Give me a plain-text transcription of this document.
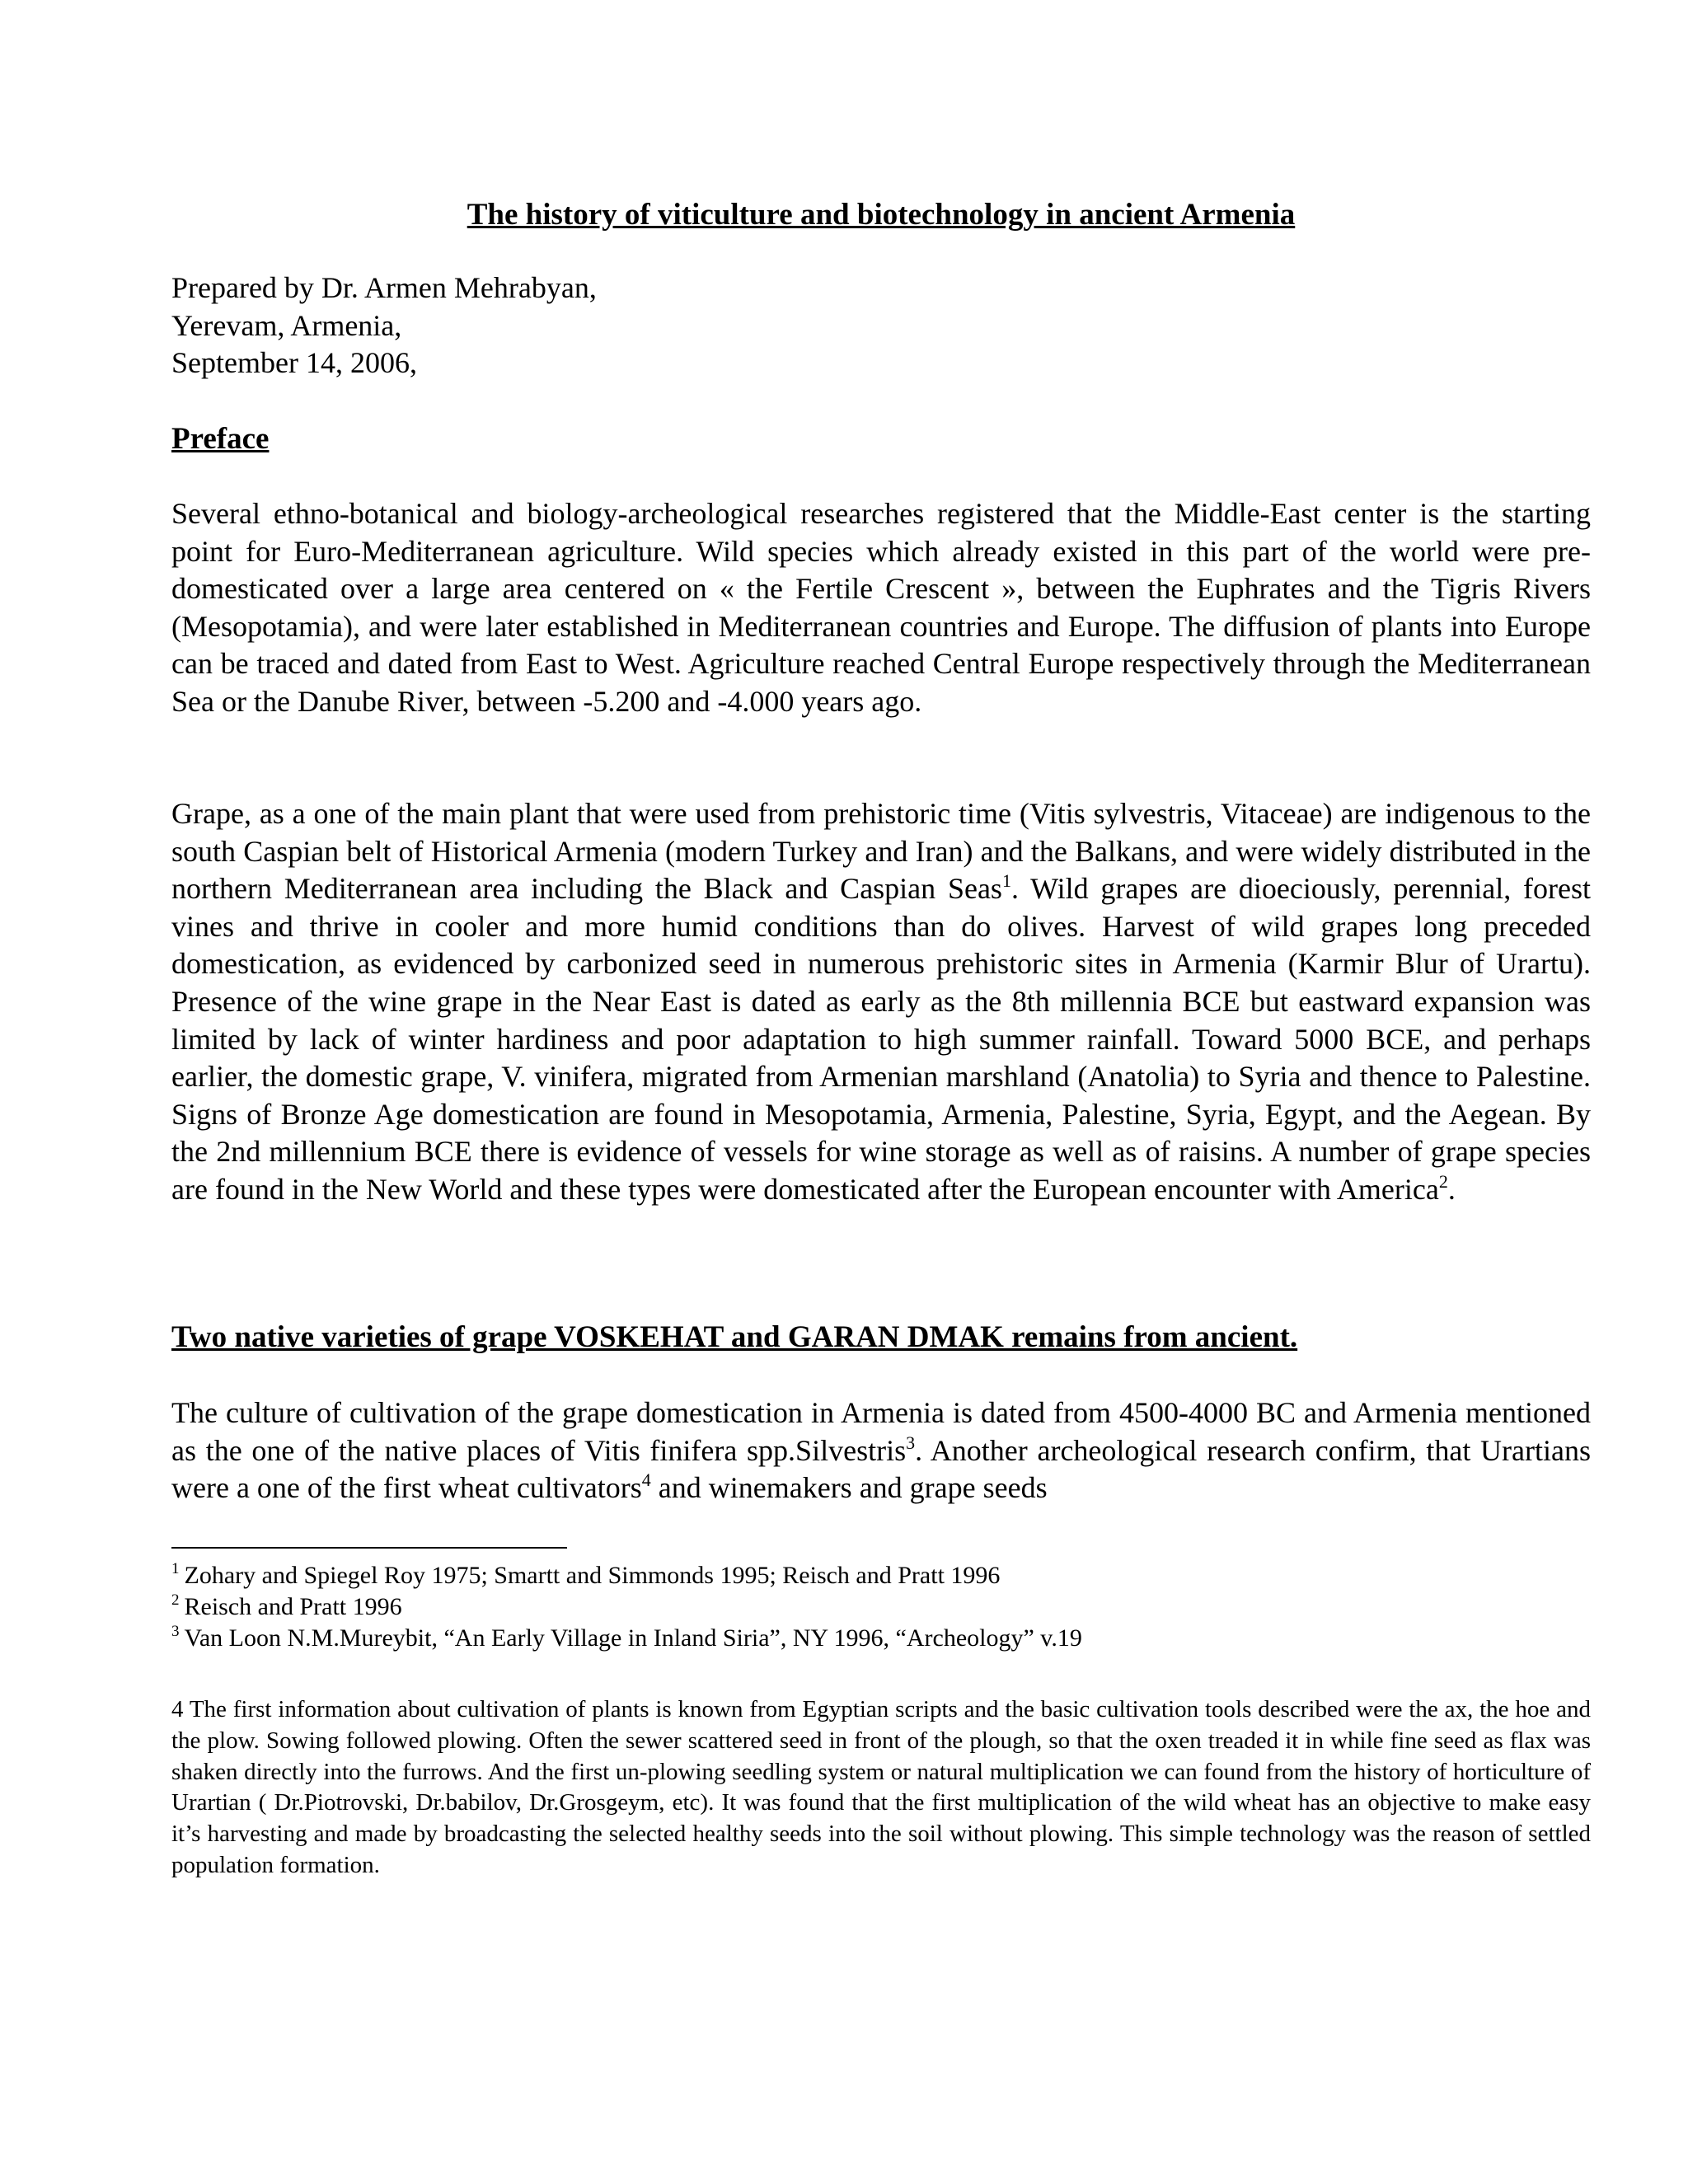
The history of viticulture and biotechnology in ancient Armenia
Prepared by Dr. Armen Mehrabyan,
Yerevam, Armenia,
September 14, 2006,
Preface

Several ethno-botanical and biology-archeological researches registered that the Middle-East center is the starting point for Euro-Mediterranean agriculture. Wild species which already existed in this part of the world were pre-domesticated over a large area centered on « the Fertile Crescent », between the Euphrates and the Tigris Rivers (Mesopotamia), and were later established in Mediterranean countries and Europe. The diffusion of plants into Europe can be traced and dated from East to West. Agriculture reached Central Europe respectively through the Mediterranean Sea or the Danube River, between -5.200 and -4.000 years ago.

Grape, as a one of the main plant that were used from prehistoric time (Vitis sylvestris, Vitaceae) are indigenous to the south Caspian belt of Historical Armenia (modern Turkey and Iran) and the Balkans, and were widely distributed in the northern Mediterranean area including the Black and Caspian Seas$^1$. Wild grapes are dioeciously, perennial, forest vines and thrive in cooler and more humid conditions than do olives. Harvest of wild grapes long preceded domestication, as evidenced by carbonized seed in numerous prehistoric sites in Armenia (Karmir Blur of Urartu). Presence of the wine grape in the Near East is dated as early as the 8th millennia BCE but eastward expansion was limited by lack of winter hardiness and poor adaptation to high summer rainfall. Toward 5000 BCE, and perhaps earlier, the domestic grape, V. vinifera, migrated from Armenian marshland (Anatolia) to Syria and thence to Palestine. Signs of Bronze Age domestication are found in Mesopotamia, Armenia, Palestine, Syria, Egypt, and the Aegean. By the 2nd millennium BCE there is evidence of vessels for wine storage as well as of raisins. A number of grape species are found in the New World and these types were domesticated after the European encounter with America$^2$.

Two native varieties of grape VOSKEHAT and GARAN DMAK remains from ancient.

The culture of cultivation of the grape domestication in Armenia is dated from 4500-4000 BC and Armenia mentioned as the one of the native places of Vitis finifera spp.Silvestris$^3$. Another archeological research confirm, that Urartians were a one of the first wheat cultivators$^4$ and winemakers and grape seeds

$^1$ Zohary and Spiegel Roy 1975; Smartt and Simmonds 1995; Reisch and Pratt 1996
$^2$ Reisch and Pratt 1996
$^3$ Van Loon N.M.Mureybit, “An Early Village in Inland Siria”, NY 1996, “Archeology” v.19

4 The first information about cultivation of plants is known from Egyptian scripts and the basic cultivation tools described were the ax, the hoe and the plow. Sowing followed plowing. Often the sewer scattered seed in front of the plough, so that the oxen treaded it in while fine seed as flax was shaken directly into the furrows. And the first un-plowing seedling system or natural multiplication we can found from the history of horticulture of Urartian ( Dr.Piotrovski, Dr.babilov, Dr.Grosgeym, etc). It was found that the first multiplication of the wild wheat has an objective to make easy it’s harvesting and made by broadcasting the selected healthy seeds into the soil without plowing. This simple technology was the reason of settled population formation.
